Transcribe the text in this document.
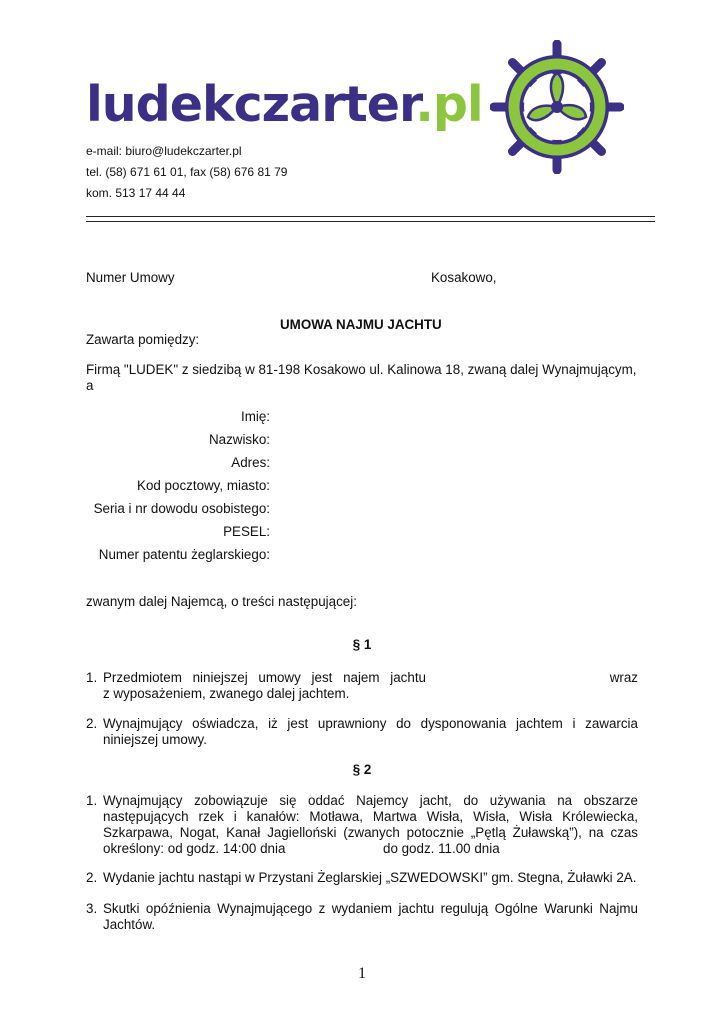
ludekczarter.pl
e-mail: biuro@ludekczarter.pl
tel. (58) 671 61 01, fax (58) 676 81 79
kom. 513 17 44 44
Numer Umowy	Kosakowo,
UMOWA NAJMU JACHTU
Zawarta pomiędzy:
Firmą "LUDEK" z siedzibą w 81-198 Kosakowo ul. Kalinowa 18, zwaną dalej Wynajmującym,
a
Imię:
Nazwisko:
Adres:
Kod pocztowy, miasto:
Seria i nr dowodu osobistego:
PESEL:
Numer patentu żeglarskiego:
zwanym dalej Najemcą, o treści następującej:
§ 1
1. Przedmiotem niniejszej umowy jest najem jachtu	wraz
z wyposażeniem, zwanego dalej jachtem.
2. Wynajmujący oświadcza, iż jest uprawniony do dysponowania jachtem i zawarcia niniejszej umowy.
§ 2
1. Wynajmujący zobowiązuje się oddać Najemcy jacht, do używania na obszarze następujących rzek i kanałów: Motława, Martwa Wisła, Wisła, Wisła Królewiecka, Szkarpawa, Nogat, Kanał Jagielloński (zwanych potocznie „Pętlą Żuławską”), na czas
określony: od godz. 14:00 dnia	do godz. 11.00 dnia
2. Wydanie jachtu nastąpi w Przystani Żeglarskiej „SZWEDOWSKI” gm. Stegna, Żuławki 2A.
3. Skutki opóźnienia Wynajmującego z wydaniem jachtu regulują Ogólne Warunki Najmu Jachtów.
1
